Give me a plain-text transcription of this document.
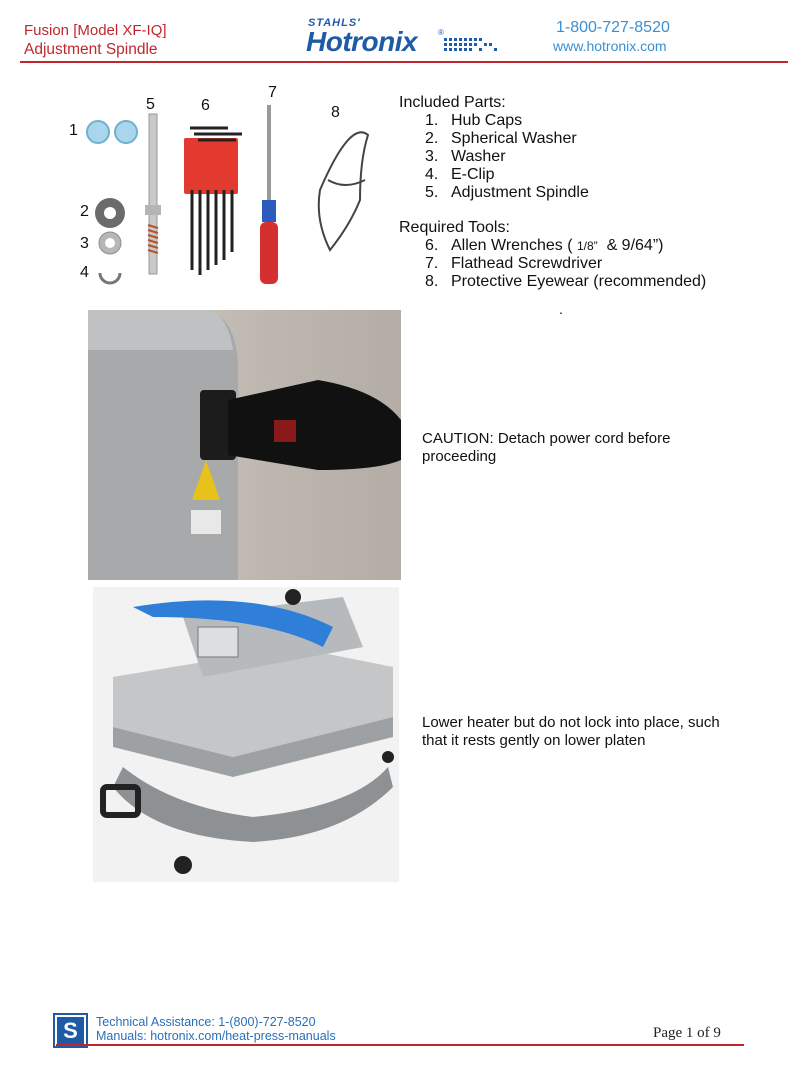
Fusion [Model XF-IQ]
Adjustment Spindle
STAHLS'
Hotronix	®	1-800-727-8520
www.hotronix.com
1
2
3
4
5	6
7
8
Included Parts:
1. Hub Caps
2. Spherical Washer
3. Washer
4. E-Clip
5. Adjustment Spindle
Required Tools:
6. Allen Wrenches ( 1/8” & 9/64”)
7. Flathead Screwdriver
8. Protective Eyewear (recommended)
.
CAUTION: Detach power cord before proceeding
Lower heater but do not lock into place, such that it rests gently on lower platen
S	Technical Assistance: 1-(800)-727-8520
Manuals: hotronix.com/heat-press-manuals	Page 1 of 9
